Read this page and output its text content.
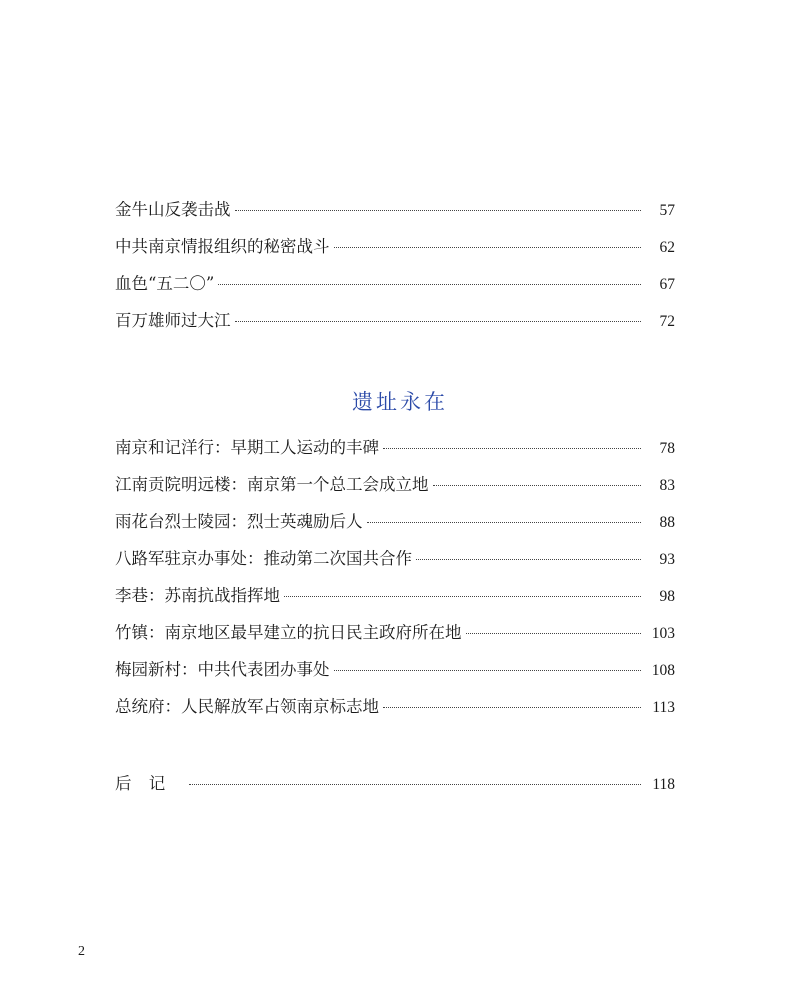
金牛山反袭击战	57
中共南京情报组织的秘密战斗	62
血色“五二〇”	67
百万雄师过大江	72
遗址永在
南京和记洋行：早期工人运动的丰碑	78
江南贡院明远楼：南京第一个总工会成立地	83
雨花台烈士陵园：烈士英魂励后人	88
八路军驻京办事处：推动第二次国共合作	93
李巷：苏南抗战指挥地	98
竹镇：南京地区最早建立的抗日民主政府所在地	103
梅园新村：中共代表团办事处	108
总统府：人民解放军占领南京标志地	113
后 记	118
2
